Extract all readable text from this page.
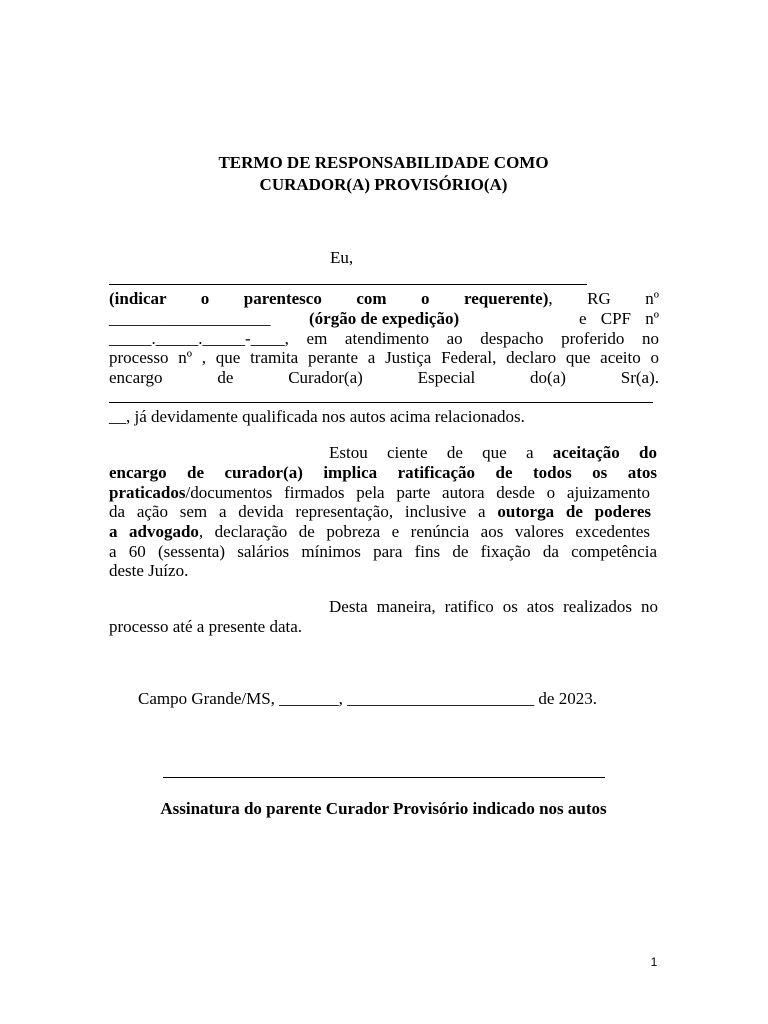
TERMO DE RESPONSABILIDADE COMO
CURADOR(A) PROVISÓRIO(A)
Eu,
(indicar o parentesco com o requerente), RG nº
___________________ (órgão de expedição)	e CPF nº
_____._____._____-____, em atendimento ao despacho proferido no
processo nº , que tramita perante a Justiça Federal, declaro que aceito o
encargo de Curador(a) Especial do(a) Sr(a).
__, já devidamente qualificada nos autos acima relacionados.
Estou ciente de que a aceitação do
encargo de curador(a) implica ratificação de todos os atos
praticados/documentos firmados pela parte autora desde o ajuizamento
da ação sem a devida representação, inclusive a outorga de poderes
a advogado, declaração de pobreza e renúncia aos valores excedentes
a 60 (sessenta) salários mínimos para fins de fixação da competência
deste Juízo.
Desta maneira, ratifico os atos realizados no
processo até a presente data.
Campo Grande/MS, _______, ______________________ de 2023.
Assinatura do parente Curador Provisório indicado nos autos
1
